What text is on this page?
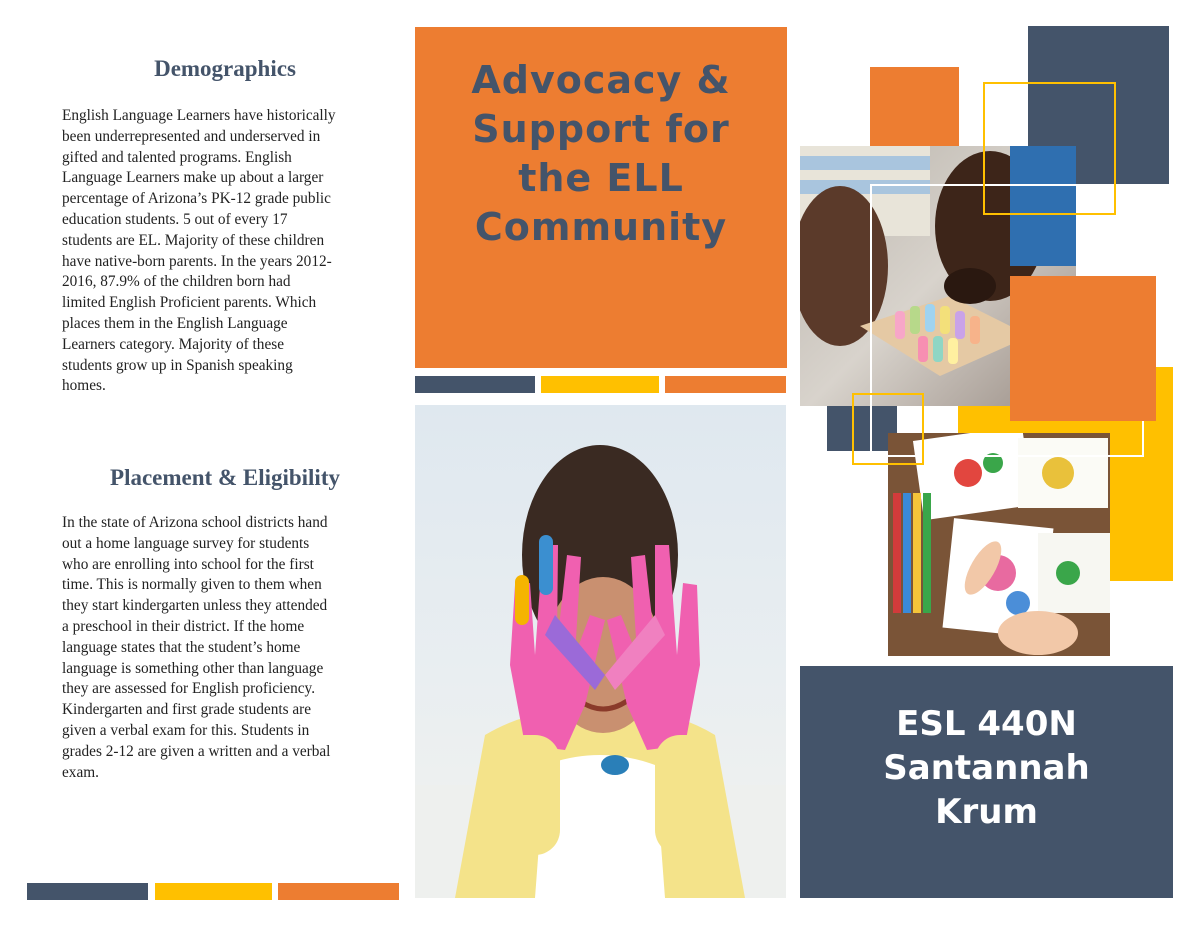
Demographics

English Language Learners have historically
been underrepresented and underserved in
gifted and talented programs. English
Language Learners make up about a larger
percentage of Arizona’s PK-12 grade public
education students. 5 out of every 17
students are EL. Majority of these children
have native-born parents. In the years 2012-
2016, 87.9% of the children born had
limited English Proficient parents. Which
places them in the English Language
Learners category. Majority of these
students grow up in Spanish speaking
homes.

Placement & Eligibility

In the state of Arizona school districts hand
out a home language survey for students
who are enrolling into school for the first
time. This is normally given to them when
they start kindergarten unless they attended
a preschool in their district. If the home
language states that the student’s home
language is something other than language
they are assessed for English proficiency.
Kindergarten and first grade students are
given a verbal exam for this. Students in
grades 2-12 are given a written and a verbal
exam.

Advocacy &
Support for
the ELL
Community

ESL 440N
Santannah
Krum
